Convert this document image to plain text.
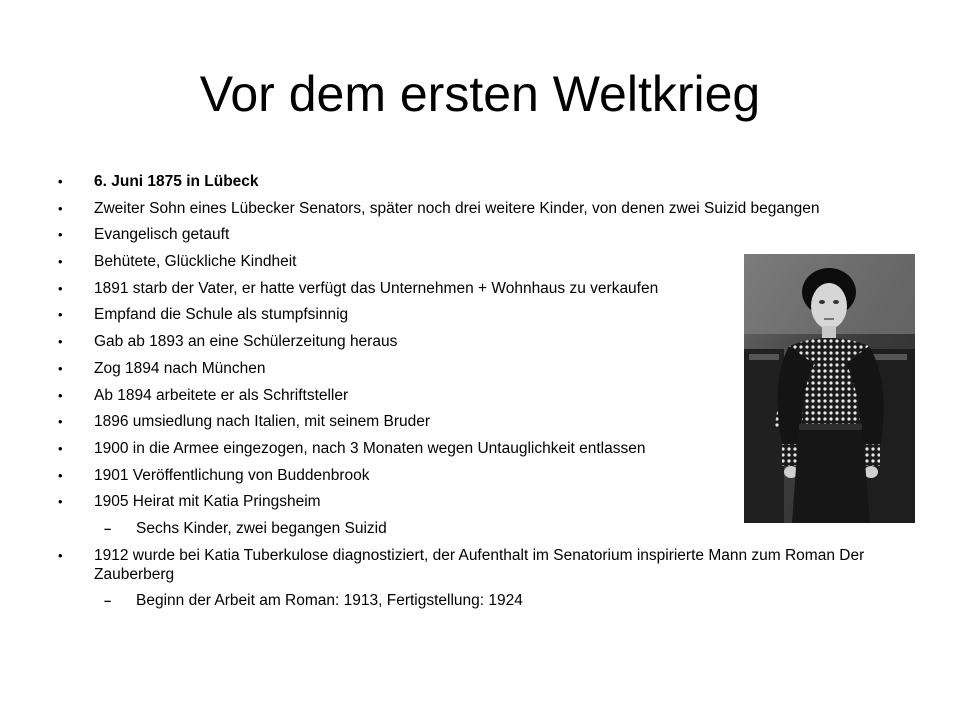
Vor dem ersten Weltkrieg
• 6. Juni 1875 in Lübeck
• Zweiter Sohn eines Lübecker Senators, später noch drei weitere Kinder, von denen zwei Suizid begangen
• Evangelisch getauft
• Behütete, Glückliche Kindheit
• 1891 starb der Vater, er hatte verfügt das Unternehmen + Wohnhaus zu verkaufen
• Empfand die Schule als stumpfsinnig
• Gab ab 1893 an eine Schülerzeitung heraus
• Zog 1894 nach München
• Ab 1894 arbeitete er als Schriftsteller
• 1896 umsiedlung nach Italien, mit seinem Bruder
• 1900 in die Armee eingezogen, nach 3 Monaten wegen Untauglichkeit entlassen
• 1901 Veröffentlichung von Buddenbrook
• 1905 Heirat mit Katia Pringsheim
– Sechs Kinder, zwei begangen Suizid
• 1912 wurde bei Katia Tuberkulose diagnostiziert, der Aufenthalt im Senatorium inspirierte Mann zum Roman Der Zauberberg
– Beginn der Arbeit am Roman: 1913, Fertigstellung: 1924
